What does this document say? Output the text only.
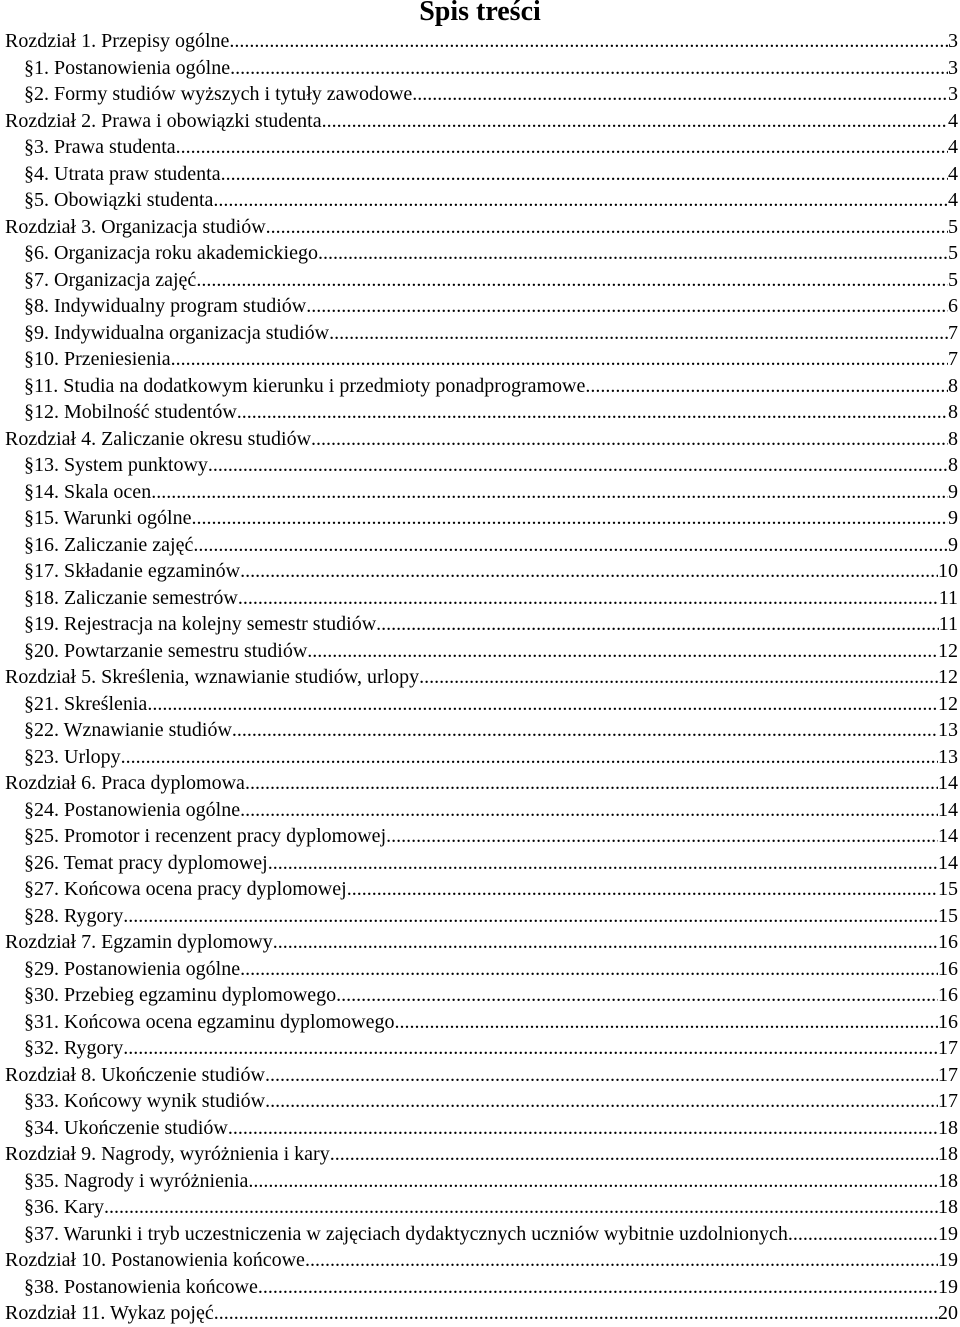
Spis treści
Rozdział 1. Przepisy ogólne .....	3
§1. Postanowienia ogólne .....	3
§2. Formy studiów wyższych i tytuły zawodowe .....	3
Rozdział 2. Prawa i obowiązki studenta .....	4
§3. Prawa studenta .....	4
§4. Utrata praw studenta .....	4
§5. Obowiązki studenta .....	4
Rozdział 3. Organizacja studiów .....	5
§6. Organizacja roku akademickiego .....	5
§7. Organizacja zajęć .....	5
§8. Indywidualny program studiów .....	6
§9. Indywidualna organizacja studiów .....	7
§10. Przeniesienia .....	7
§11. Studia na dodatkowym kierunku i przedmioty ponadprogramowe .....	8
§12. Mobilność studentów .....	8
Rozdział 4. Zaliczanie okresu studiów .....	8
§13. System punktowy .....	8
§14. Skala ocen .....	9
§15. Warunki ogólne .....	9
§16. Zaliczanie zajęć .....	9
§17. Składanie egzaminów .....	10
§18. Zaliczanie semestrów .....	11
§19. Rejestracja na kolejny semestr studiów .....	11
§20. Powtarzanie semestru studiów .....	12
Rozdział 5. Skreślenia, wznawianie studiów, urlopy .....	12
§21. Skreślenia .....	12
§22. Wznawianie studiów .....	13
§23. Urlopy .....	13
Rozdział 6. Praca dyplomowa .....	14
§24. Postanowienia ogólne .....	14
§25. Promotor i recenzent pracy dyplomowej .....	14
§26. Temat pracy dyplomowej .....	14
§27. Końcowa ocena pracy dyplomowej .....	15
§28. Rygory .....	15
Rozdział 7. Egzamin dyplomowy .....	16
§29. Postanowienia ogólne .....	16
§30. Przebieg egzaminu dyplomowego .....	16
§31. Końcowa ocena egzaminu dyplomowego .....	16
§32. Rygory .....	17
Rozdział 8. Ukończenie studiów .....	17
§33. Końcowy wynik studiów .....	17
§34. Ukończenie studiów .....	18
Rozdział 9. Nagrody, wyróżnienia i kary .....	18
§35. Nagrody i wyróżnienia .....	18
§36. Kary .....	18
§37. Warunki i tryb uczestniczenia w zajęciach dydaktycznych uczniów wybitnie uzdolnionych .....	19
Rozdział 10. Postanowienia końcowe .....	19
§38. Postanowienia końcowe .....	19
Rozdział 11. Wykaz pojęć .....	20
